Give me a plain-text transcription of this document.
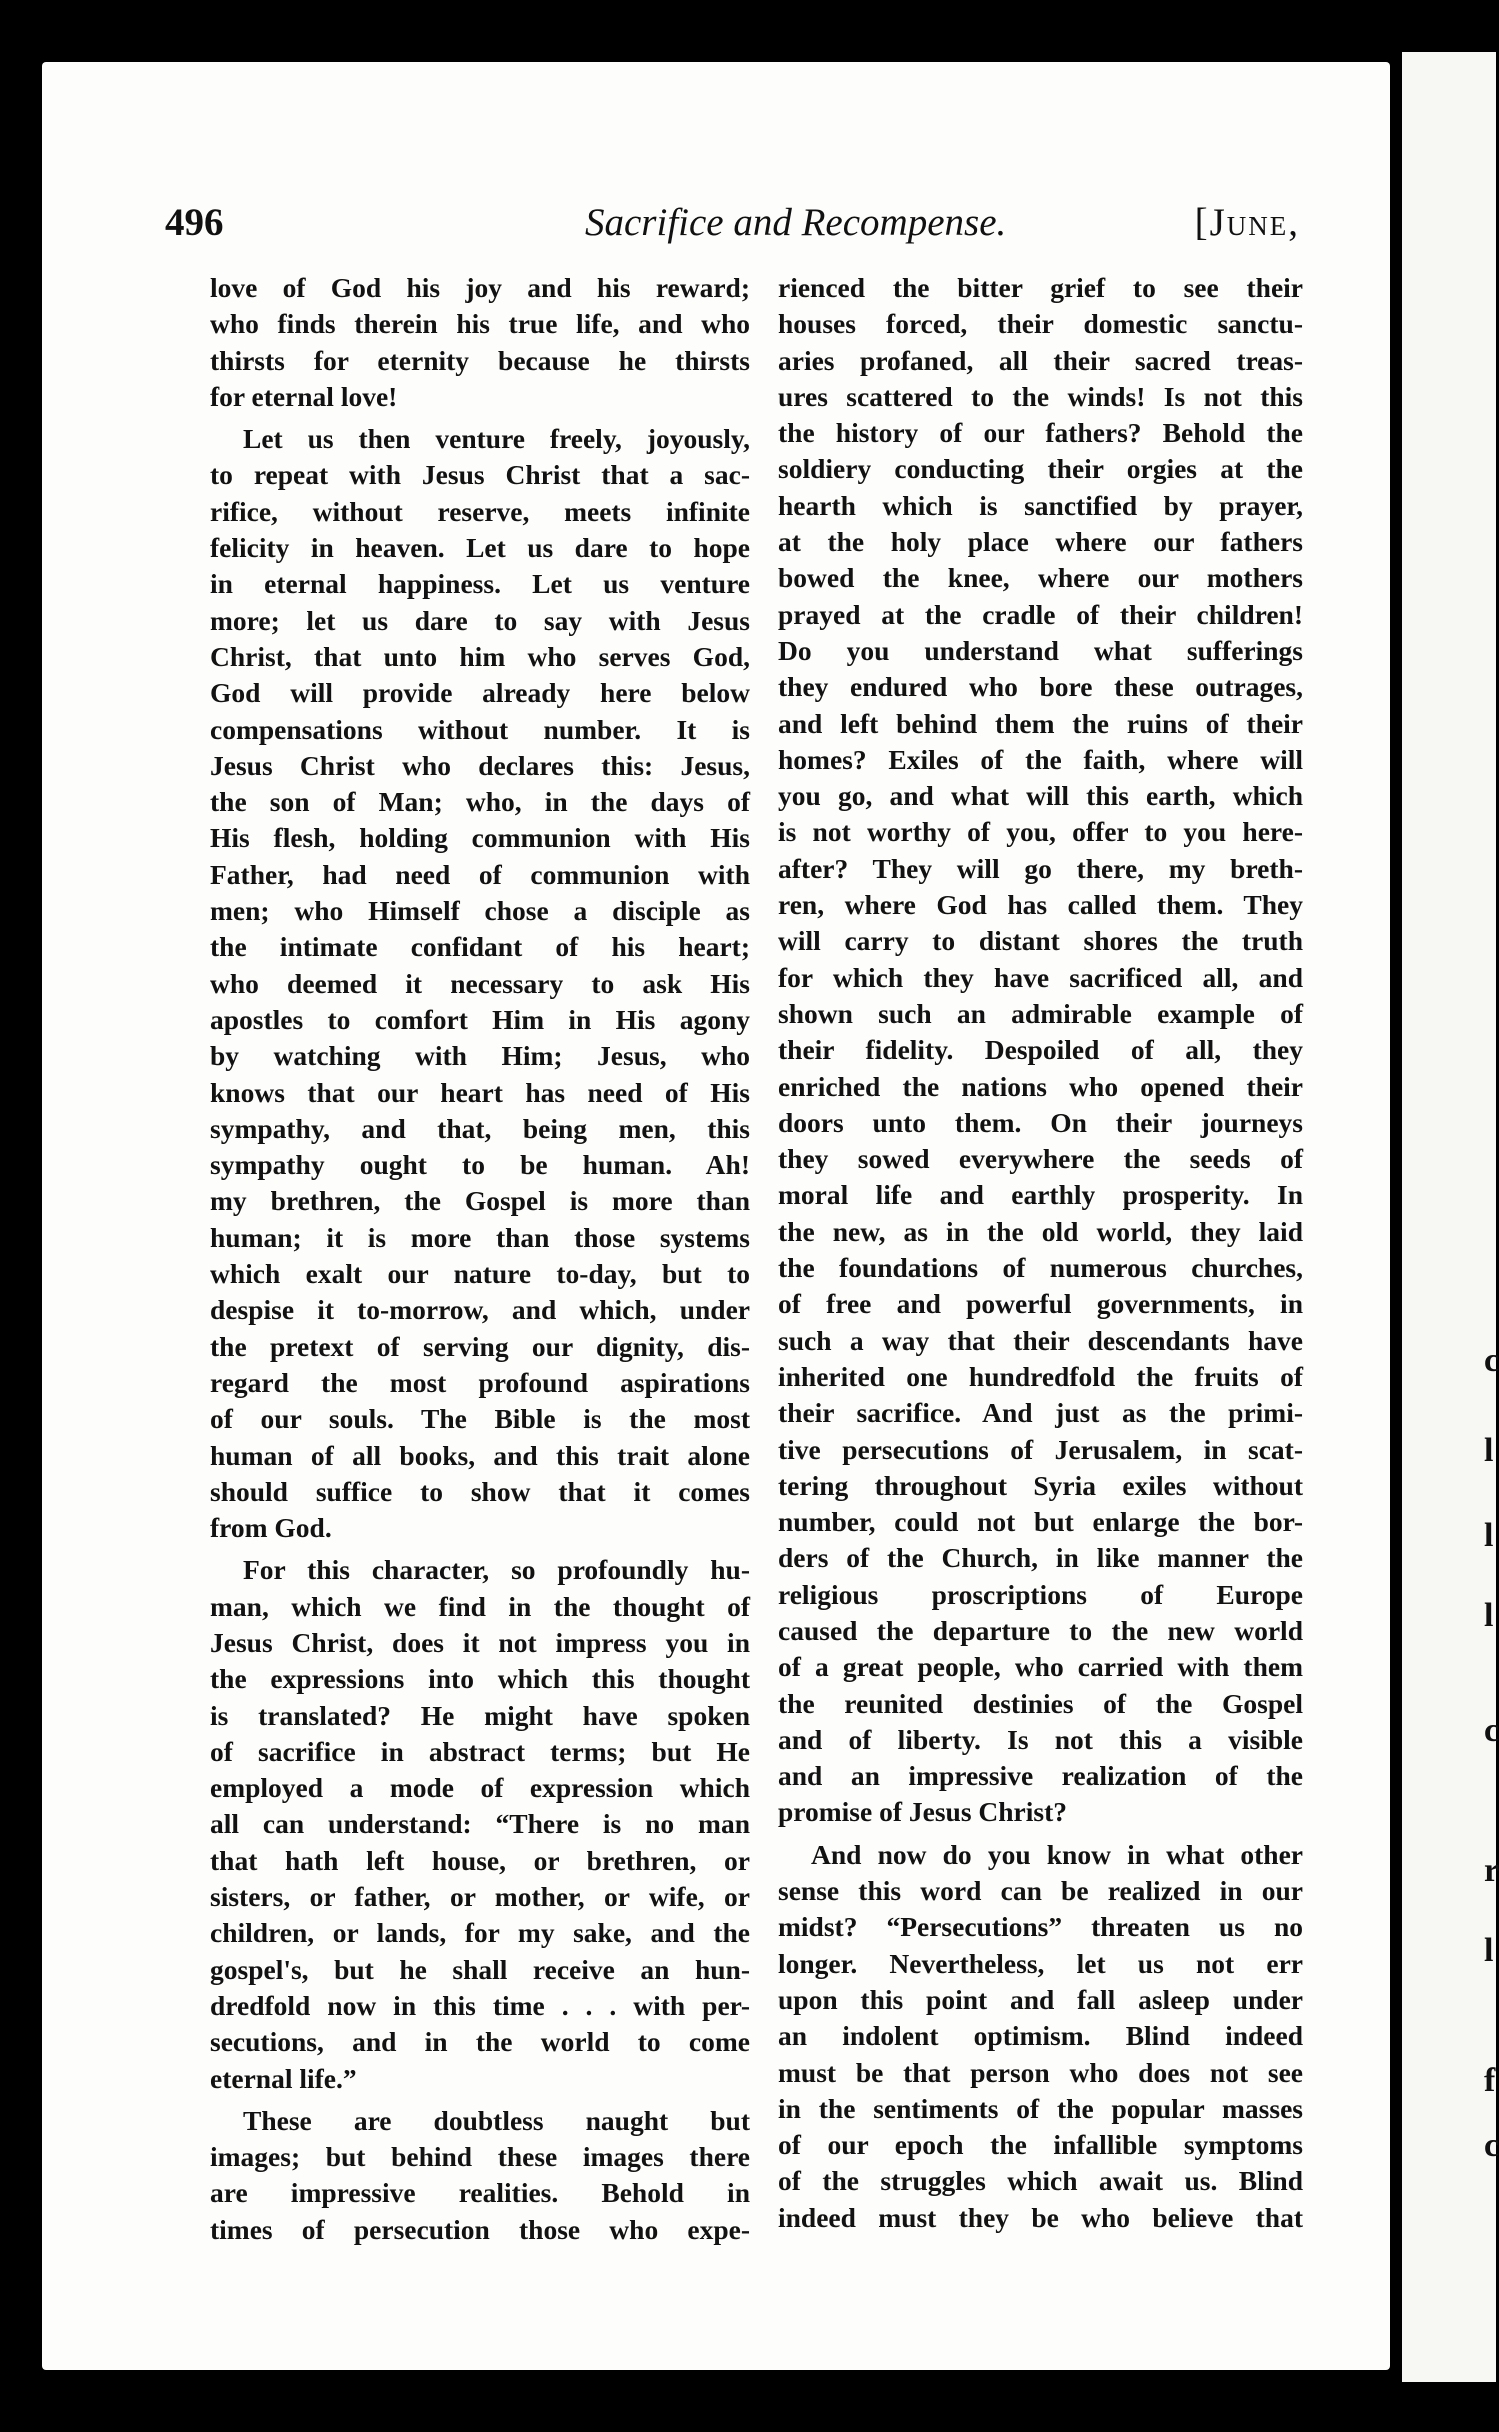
c
l
l
l
c
r
l
f
c
496	Sacrifice and Recompense.	[June,
love of God his joy and his reward;
who finds therein his true life, and who
thirsts for eternity because he thirsts
for eternal love!
Let us then venture freely, joyously,
to repeat with Jesus Christ that a sac-
rifice, without reserve, meets infinite
felicity in heaven. Let us dare to hope
in eternal happiness. Let us venture
more; let us dare to say with Jesus
Christ, that unto him who serves God,
God will provide already here below
compensations without number. It is
Jesus Christ who declares this: Jesus,
the son of Man; who, in the days of
His flesh, holding communion with His
Father, had need of communion with
men; who Himself chose a disciple as
the intimate confidant of his heart;
who deemed it necessary to ask His
apostles to comfort Him in His agony
by watching with Him; Jesus, who
knows that our heart has need of His
sympathy, and that, being men, this
sympathy ought to be human. Ah!
my brethren, the Gospel is more than
human; it is more than those systems
which exalt our nature to-day, but to
despise it to-morrow, and which, under
the pretext of serving our dignity, dis-
regard the most profound aspirations
of our souls. The Bible is the most
human of all books, and this trait alone
should suffice to show that it comes
from God.
For this character, so profoundly hu-
man, which we find in the thought of
Jesus Christ, does it not impress you in
the expressions into which this thought
is translated? He might have spoken
of sacrifice in abstract terms; but He
employed a mode of expression which
all can understand: “There is no man
that hath left house, or brethren, or
sisters, or father, or mother, or wife, or
children, or lands, for my sake, and the
gospel's, but he shall receive an hun-
dredfold now in this time . . . with per-
secutions, and in the world to come
eternal life.”
These are doubtless naught but
images; but behind these images there
are impressive realities. Behold in
times of persecution those who expe-
rienced the bitter grief to see their
houses forced, their domestic sanctu-
aries profaned, all their sacred treas-
ures scattered to the winds! Is not this
the history of our fathers? Behold the
soldiery conducting their orgies at the
hearth which is sanctified by prayer,
at the holy place where our fathers
bowed the knee, where our mothers
prayed at the cradle of their children!
Do you understand what sufferings
they endured who bore these outrages,
and left behind them the ruins of their
homes? Exiles of the faith, where will
you go, and what will this earth, which
is not worthy of you, offer to you here-
after? They will go there, my breth-
ren, where God has called them. They
will carry to distant shores the truth
for which they have sacrificed all, and
shown such an admirable example of
their fidelity. Despoiled of all, they
enriched the nations who opened their
doors unto them. On their journeys
they sowed everywhere the seeds of
moral life and earthly prosperity. In
the new, as in the old world, they laid
the foundations of numerous churches,
of free and powerful governments, in
such a way that their descendants have
inherited one hundredfold the fruits of
their sacrifice. And just as the primi-
tive persecutions of Jerusalem, in scat-
tering throughout Syria exiles without
number, could not but enlarge the bor-
ders of the Church, in like manner the
religious proscriptions of Europe
caused the departure to the new world
of a great people, who carried with them
the reunited destinies of the Gospel
and of liberty. Is not this a visible
and an impressive realization of the
promise of Jesus Christ?
And now do you know in what other
sense this word can be realized in our
midst? “Persecutions” threaten us no
longer. Nevertheless, let us not err
upon this point and fall asleep under
an indolent optimism. Blind indeed
must be that person who does not see
in the sentiments of the popular masses
of our epoch the infallible symptoms
of the struggles which await us. Blind
indeed must they be who believe that
